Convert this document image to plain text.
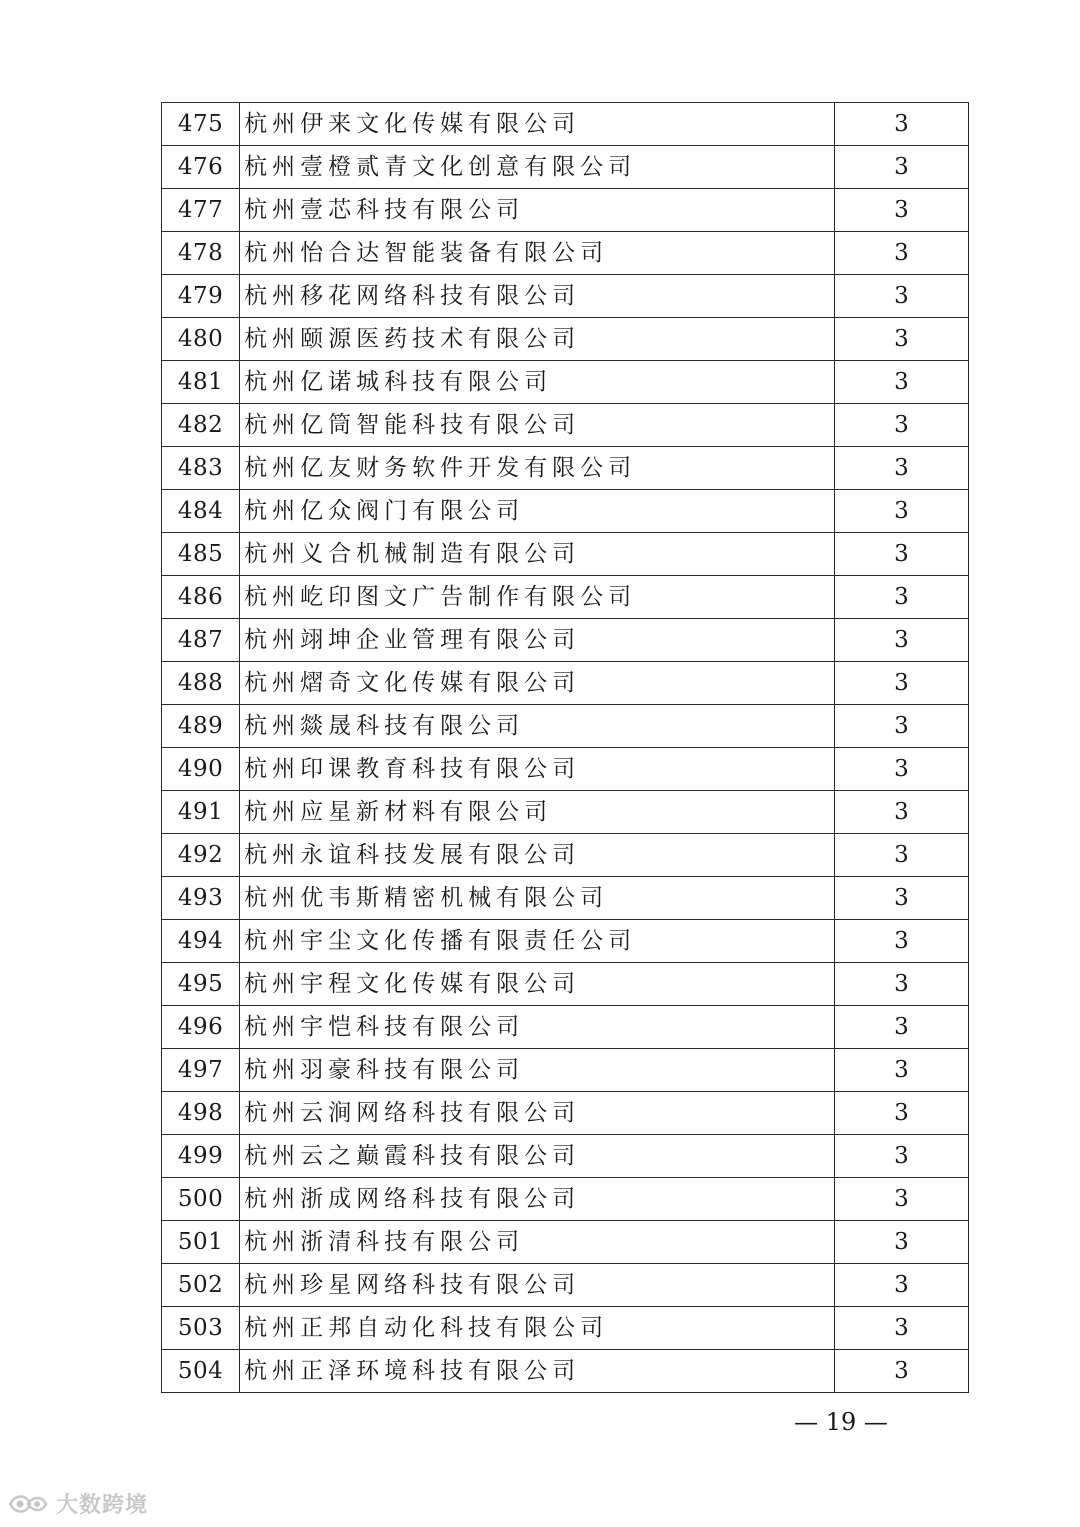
475	杭州伊来文化传媒有限公司	3
476	杭州壹橙贰青文化创意有限公司	3
477	杭州壹芯科技有限公司	3
478	杭州怡合达智能装备有限公司	3
479	杭州移花网络科技有限公司	3
480	杭州颐源医药技术有限公司	3
481	杭州亿诺城科技有限公司	3
482	杭州亿筒智能科技有限公司	3
483	杭州亿友财务软件开发有限公司	3
484	杭州亿众阀门有限公司	3
485	杭州义合机械制造有限公司	3
486	杭州屹印图文广告制作有限公司	3
487	杭州翊坤企业管理有限公司	3
488	杭州熠奇文化传媒有限公司	3
489	杭州燚晟科技有限公司	3
490	杭州印课教育科技有限公司	3
491	杭州应星新材料有限公司	3
492	杭州永谊科技发展有限公司	3
493	杭州优韦斯精密机械有限公司	3
494	杭州宇尘文化传播有限责任公司	3
495	杭州宇程文化传媒有限公司	3
496	杭州宇恺科技有限公司	3
497	杭州羽豪科技有限公司	3
498	杭州云涧网络科技有限公司	3
499	杭州云之巅霞科技有限公司	3
500	杭州浙成网络科技有限公司	3
501	杭州浙清科技有限公司	3
502	杭州珍星网络科技有限公司	3
503	杭州正邦自动化科技有限公司	3
504	杭州正泽环境科技有限公司	3
— 19 —
大数跨境
